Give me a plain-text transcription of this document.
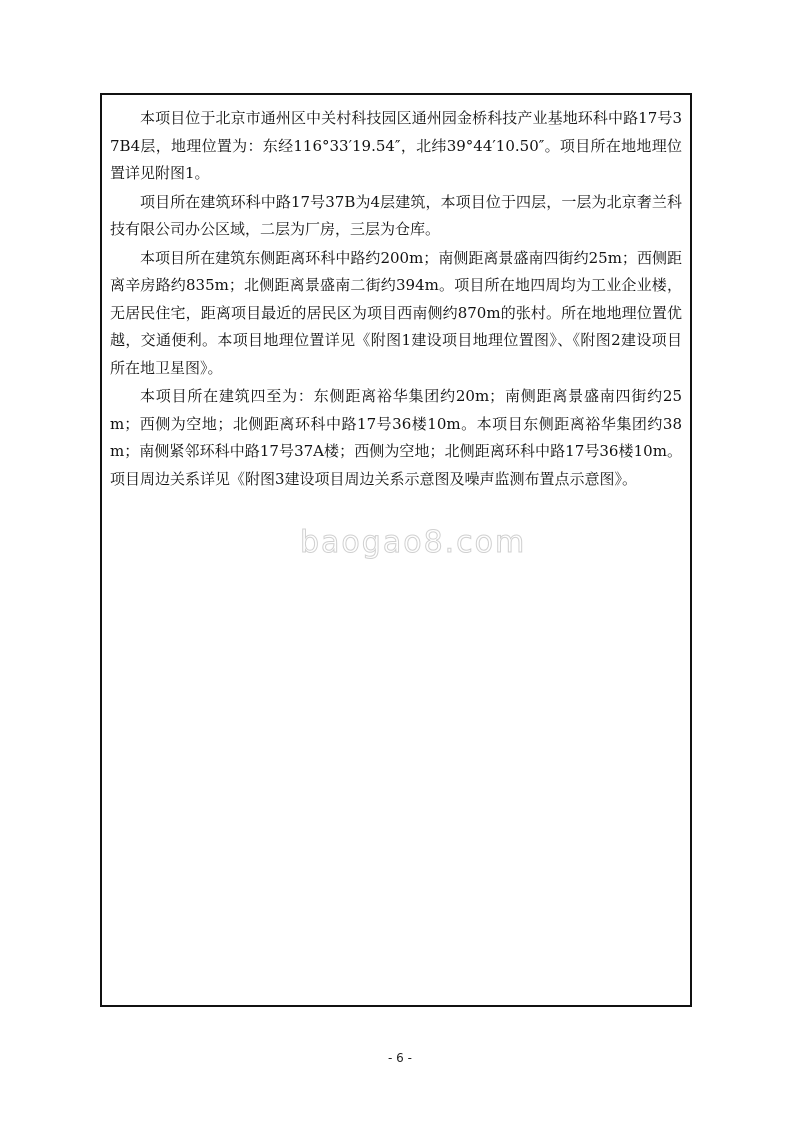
本项目位于北京市通州区中关村科技园区通州园金桥科技产业基地环科中路17号37B4层，地理位置为：东经116°33′19.54″，北纬39°44′10.50″。项目所在地地理位置详见附图1。

项目所在建筑环科中路17号37B为4层建筑，本项目位于四层，一层为北京奢兰科技有限公司办公区域，二层为厂房，三层为仓库。

本项目所在建筑东侧距离环科中路约200m；南侧距离景盛南四街约25m；西侧距离辛房路约835m；北侧距离景盛南二街约394m。项目所在地四周均为工业企业楼，无居民住宅，距离项目最近的居民区为项目西南侧约870m的张村。所在地地理位置优越，交通便利。本项目地理位置详见《附图1建设项目地理位置图》、《附图2建设项目所在地卫星图》。

本项目所在建筑四至为：东侧距离裕华集团约20m；南侧距离景盛南四街约25m；西侧为空地；北侧距离环科中路17号36楼10m。本项目东侧距离裕华集团约38m；南侧紧邻环科中路17号37A楼；西侧为空地；北侧距离环科中路17号36楼10m。项目周边关系详见《附图3建设项目周边关系示意图及噪声监测布置点示意图》。

baogao8.com
- 6 -
